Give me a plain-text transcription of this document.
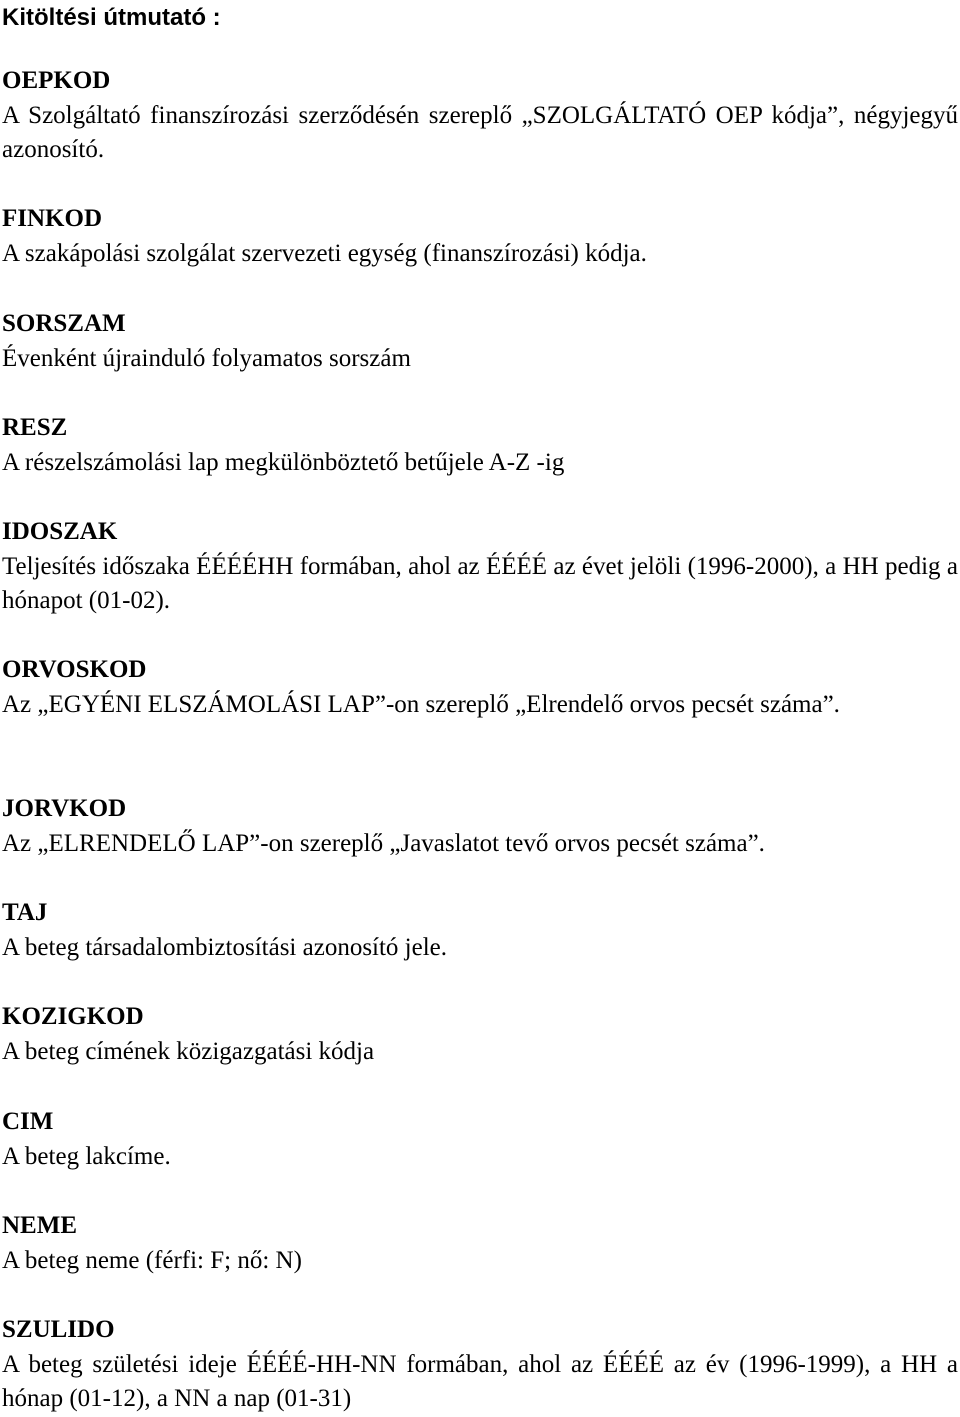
Kitöltési útmutató :
OEPKOD
A Szolgáltató finanszírozási szerződésén szereplő „SZOLGÁLTATÓ OEP kódja”, négyjegyű azonosító.
FINKOD
A szakápolási szolgálat szervezeti egység (finanszírozási) kódja.
SORSZAM
Évenként újrainduló folyamatos sorszám
RESZ
A részelszámolási lap megkülönböztető betűjele A-Z -ig
IDOSZAK
Teljesítés időszaka ÉÉÉÉHH formában, ahol az ÉÉÉÉ az évet jelöli (1996-2000), a HH pedig a hónapot (01-02).
ORVOSKOD
Az „EGYÉNI ELSZÁMOLÁSI LAP”-on szereplő „Elrendelő orvos pecsét száma”.
JORVKOD
Az „ELRENDELŐ LAP”-on szereplő „Javaslatot tevő orvos pecsét száma”.
TAJ
A beteg társadalombiztosítási azonosító jele.
KOZIGKOD
A beteg címének közigazgatási kódja
CIM
A beteg lakcíme.
NEME
A beteg neme (férfi: F; nő: N)
SZULIDO
A beteg születési ideje ÉÉÉÉ-HH-NN formában, ahol az ÉÉÉÉ az év (1996-1999), a HH a hónap (01-12), a NN a nap (01-31)
